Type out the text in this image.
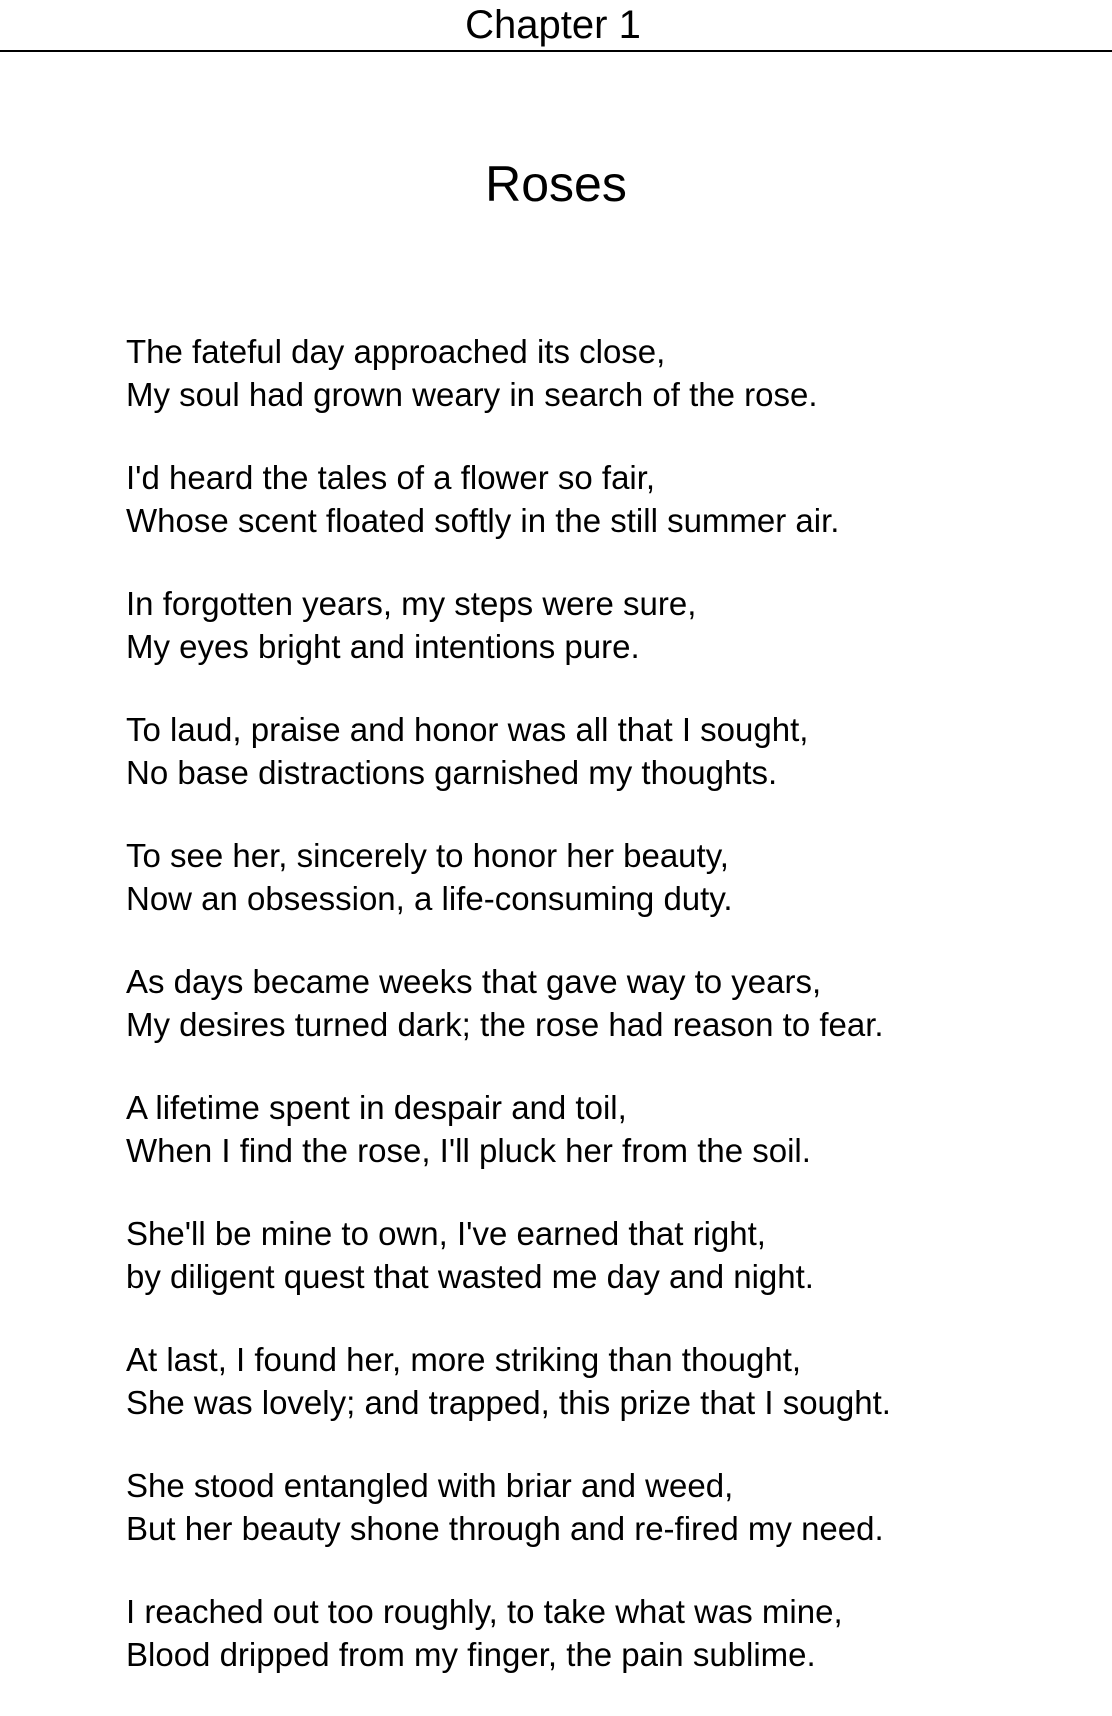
Chapter 1
Roses
The fateful day approached its close,
My soul had grown weary in search of the rose.
I'd heard the tales of a flower so fair,
Whose scent floated softly in the still summer air.
In forgotten years, my steps were sure,
My eyes bright and intentions pure.
To laud, praise and honor was all that I sought,
No base distractions garnished my thoughts.
To see her, sincerely to honor her beauty,
Now an obsession, a life-consuming duty.
As days became weeks that gave way to years,
My desires turned dark; the rose had reason to fear.
A lifetime spent in despair and toil,
When I find the rose, I'll pluck her from the soil.
She'll be mine to own, I've earned that right,
by diligent quest that wasted me day and night.
At last, I found her, more striking than thought,
She was lovely; and trapped, this prize that I sought.
She stood entangled with briar and weed,
But her beauty shone through and re-fired my need.
I reached out too roughly, to take what was mine,
Blood dripped from my finger, the pain sublime.
